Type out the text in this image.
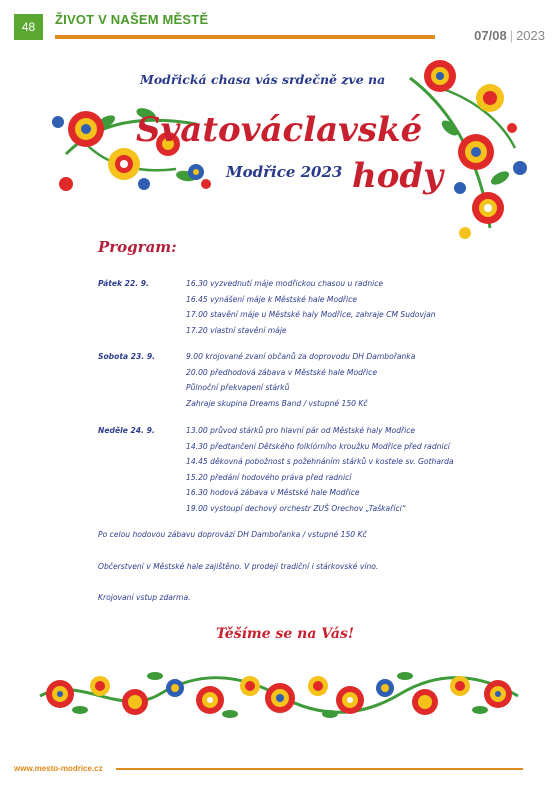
48	ŽIVOT V NAŠEM MĚSTĚ
07/08 | 2023
Modřická chasa vás srdečně zve na
Svatováclavské
Modřice 2023 hody
Program:
Pátek 22. 9.	16.30 vyzvednutí máje modřickou chasou u radnice
16.45 vynášení máje k Městské hale Modřice
17.00 stavění máje u Městské haly Modřice, zahraje CM Sudovjan
17.20 vlastní stavění máje
Sobota 23. 9.	9.00 krojované zvaní občanů za doprovodu DH Dambořanka
20.00 předhodová zábava v Městské hale Modřice
Půlnoční překvapení stárků
Zahraje skupina Dreams Band / vstupné 150 Kč
Neděle 24. 9.	13.00 průvod stárků pro hlavní pár od Městské haly Modřice
14.30 předtančení Dětského folklórního kroužku Modřice před radnicí
14.45 děkovná pobožnost s požehnáním stárků v kostele sv. Gotharda
15.20 předání hodového práva před radnicí
16.30 hodová zábava v Městské hale Modřice
19.00 vystoupí dechový orchestr ZUŠ Orechov „Taškaříci“
Po celou hodovou zábavu doprovází DH Dambořanka / vstupné 150 Kč
Občerstvení v Městské hale zajištěno. V prodeji tradiční i stárkovské víno.
Krojovaní vstup zdarma.
Těšíme se na Vás!
www.mesto-modrice.cz
